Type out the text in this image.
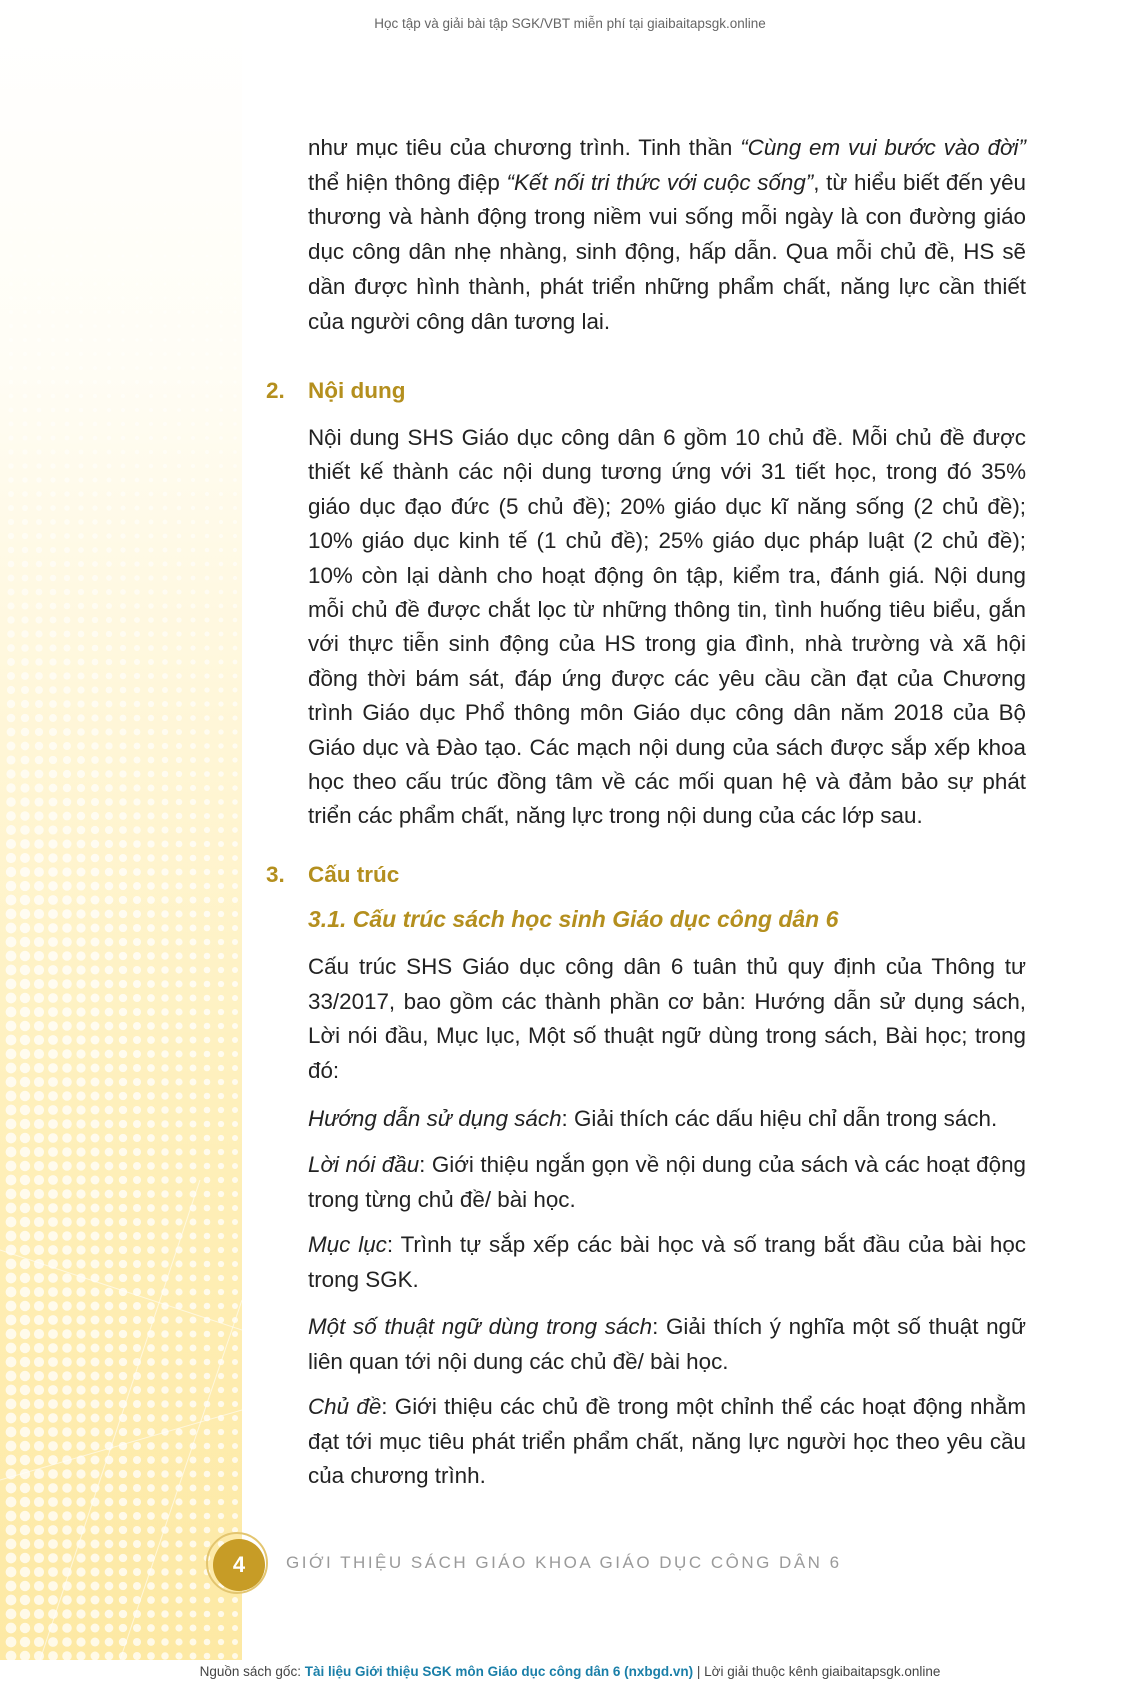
Học tập và giải bài tập SGK/VBT miễn phí tại giaibaitapsgk.online

như mục tiêu của chương trình. Tinh thần “Cùng em vui bước vào đời” thể hiện thông điệp “Kết nối tri thức với cuộc sống”, từ hiểu biết đến yêu thương và hành động trong niềm vui sống mỗi ngày là con đường giáo dục công dân nhẹ nhàng, sinh động, hấp dẫn. Qua mỗi chủ đề, HS sẽ dần được hình thành, phát triển những phẩm chất, năng lực cần thiết của người công dân tương lai.

2. Nội dung

Nội dung SHS Giáo dục công dân 6 gồm 10 chủ đề. Mỗi chủ đề được thiết kế thành các nội dung tương ứng với 31 tiết học, trong đó 35% giáo dục đạo đức (5 chủ đề); 20% giáo dục kĩ năng sống (2 chủ đề); 10% giáo dục kinh tế (1 chủ đề); 25% giáo dục pháp luật (2 chủ đề); 10% còn lại dành cho hoạt động ôn tập, kiểm tra, đánh giá. Nội dung mỗi chủ đề được chắt lọc từ những thông tin, tình huống tiêu biểu, gắn với thực tiễn sinh động của HS trong gia đình, nhà trường và xã hội đồng thời bám sát, đáp ứng được các yêu cầu cần đạt của Chương trình Giáo dục Phổ thông môn Giáo dục công dân năm 2018 của Bộ Giáo dục và Đào tạo. Các mạch nội dung của sách được sắp xếp khoa học theo cấu trúc đồng tâm về các mối quan hệ và đảm bảo sự phát triển các phẩm chất, năng lực trong nội dung của các lớp sau.

3. Cấu trúc
3.1. Cấu trúc sách học sinh Giáo dục công dân 6

Cấu trúc SHS Giáo dục công dân 6 tuân thủ quy định của Thông tư 33/2017, bao gồm các thành phần cơ bản: Hướng dẫn sử dụng sách, Lời nói đầu, Mục lục, Một số thuật ngữ dùng trong sách, Bài học; trong đó:

Hướng dẫn sử dụng sách: Giải thích các dấu hiệu chỉ dẫn trong sách.

Lời nói đầu: Giới thiệu ngắn gọn về nội dung của sách và các hoạt động trong từng chủ đề/ bài học.

Mục lục: Trình tự sắp xếp các bài học và số trang bắt đầu của bài học trong SGK.

Một số thuật ngữ dùng trong sách: Giải thích ý nghĩa một số thuật ngữ liên quan tới nội dung các chủ đề/ bài học.

Chủ đề: Giới thiệu các chủ đề trong một chỉnh thể các hoạt động nhằm đạt tới mục tiêu phát triển phẩm chất, năng lực người học theo yêu cầu của chương trình.

4	GIỚI THIỆU SÁCH GIÁO KHOA GIÁO DỤC CÔNG DÂN 6
Nguồn sách gốc: Tài liệu Giới thiệu SGK môn Giáo dục công dân 6 (nxbgd.vn) | Lời giải thuộc kênh giaibaitapsgk.online
